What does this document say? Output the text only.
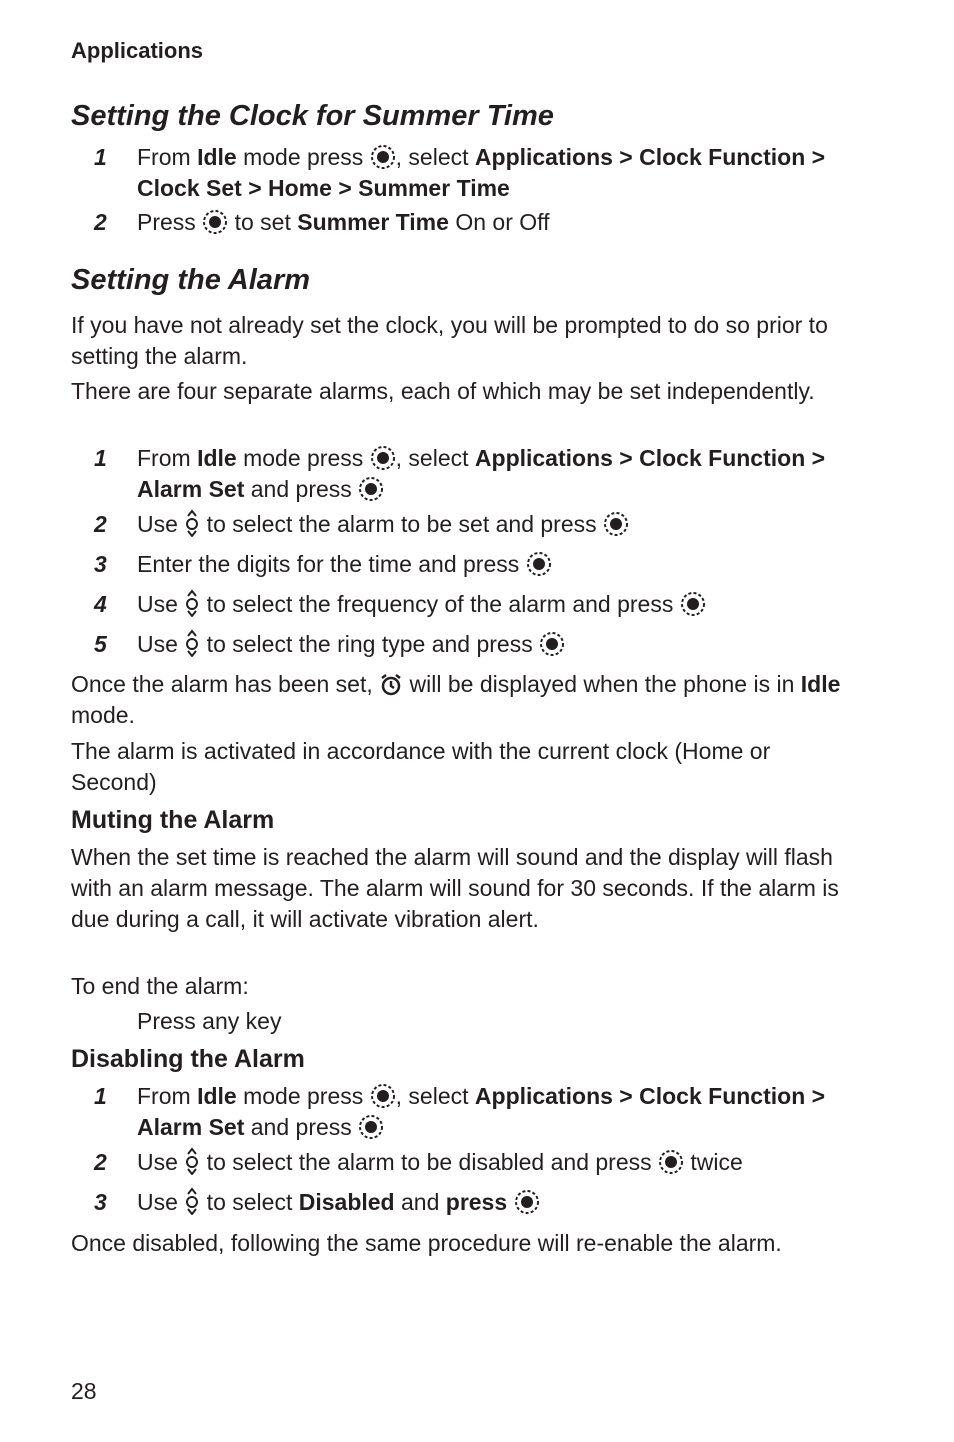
Applications
Setting the Clock for Summer Time
1 From Idle mode press
, select Applications > Clock Function > Clock Set > Home > Summer Time
2 Press
to set Summer Time On or Off
Setting the Alarm

If you have not already set the clock, you will be prompted to do so prior to setting the alarm.

There are four separate alarms, each of which may be set independently.

1 From Idle mode press
, select Applications > Clock Function > Alarm Set and press
2 Use
to select the alarm to be set and press
3 Enter the digits for the time and press
4 Use
to select the frequency of the alarm and press
5 Use
to select the ring type and press

Once the alarm has been set,
will be displayed when the phone is in Idle mode.

The alarm is activated in accordance with the current clock (Home or Second)

Muting the Alarm

When the set time is reached the alarm will sound and the display will flash with an alarm message. The alarm will sound for 30 seconds. If the alarm is due during a call, it will activate vibration alert.

To end the alarm:

Press any key
Disabling the Alarm
1 From Idle mode press
, select Applications > Clock Function > Alarm Set and press
2 Use
to select the alarm to be disabled and press
twice
3 Use
to select Disabled and press

Once disabled, following the same procedure will re-enable the alarm.

28
